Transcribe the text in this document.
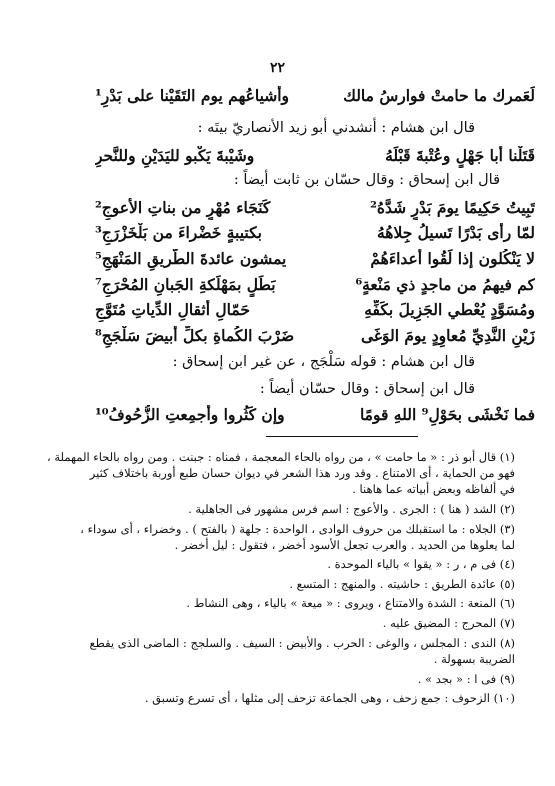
٢٢
لَعَمرك ما حامتْ فوارسُ مالك
وأشياعُهم يوم التَقَيْنا على بَدْرِ¹
قال ابن هشام : أنشدني أبو زيد الأنصاريّ بيتَه :
قَتَلْنا أبا جَهْلٍ وعُتْبةَ قَبْلَهُ
وشَيْبةَ يَكْبو لليَدَيْنِ وللنَّحرِ
قال ابن إسحاق : وقال حسّان بن ثابت أيضاً :
تَبِيتُ حَكِيمًا يومَ بَدْرٍ شَدَّهُ²
كَنَجَاء مُهْرٍ من بناتِ الأعوجِ²
لمّا رأى بَدْرًا تَسيلُ جِلاهُهُ
بكتيبةٍ خَضْراءَ من بَلْخَزْرَجِ³
لا يَنْكُلون إذا لَقُوا أعداءَهُمْ
يمشون عائدةَ الطَّريقِ المَنْهَجِ⁵
كم فيهمُ من ماجدٍ ذي مَنْعةٍ⁶
بَطَلٍ بمَهْلَكةِ الجَبانِ المُحْرَجِ⁷
ومُسَوَّدٍ يُعْطي الجَزِيلَ بكَفِّهِ
حَمّالِ أثقالِ الدِّياتِ مُتَوَّجِ
زَيْنِ النَّدِيِّ مُعاوِدٍ يومَ الوَغَى
ضَرْبَ الكُماةِ بكلِّ أبيضَ سَلْجَجِ⁸
قال ابن هشام : قوله سَلْجَج ، عن غير ابن إسحاق :
قال ابن إسحاق : وقال حسّان أيضاً :
فما نَخْشَى بحَوْلِ⁹ اللهِ قومًا
وإن كَثُروا وأُجمِعتِ الزُّحُوفُ¹⁰
(١) قال أبو ذر : « ما حامت » ، من رواه بالحاء المعجمة ، فمناه : جبنت . ومن رواه بالحاء المهملة ،
فهو من الحماية ، أى الامتناع . وقد ورد هذا الشعر في ديوان حسان طبع أوربة باختلاف كثير
في ألفاظه وبعض أبياته عما هاهنا .
(٢) الشد ( هنا ) : الجرى . والأعوج : اسم فرس مشهور فى الجاهلية .
(٣) الجلاه : ما استقبلك من حروف الوادى ، الواحدة : جلهة ( بالفتح ) . وخضراء ، أى سوداء ،
لما يعلوها من الحديد . والعرب تجعل الأسود أخضر ، فتقول : ليل أخضر .
(٤) فى م ، ر : « يقوا » بالياء الموحدة .
(٥) عائدة الطريق : حاشيته . والمنهج : المتسع .
(٦) المنعة : الشدة والامتناع ، ويروى : « ميعة » بالياء ، وهى النشاط .
(٧) المحرج : المضيق عليه .
(٨) الندى : المجلس ، والوغى : الحرب . والأبيض : السيف . والسلجج : الماضى الذى يقطع
الضريبة بسهولة .
(٩) فى ا : « بجد » .
(١٠) الزحوف : جمع زحف ، وهى الجماعة تزحف إلى مثلها ، أى تسرع وتسبق .
